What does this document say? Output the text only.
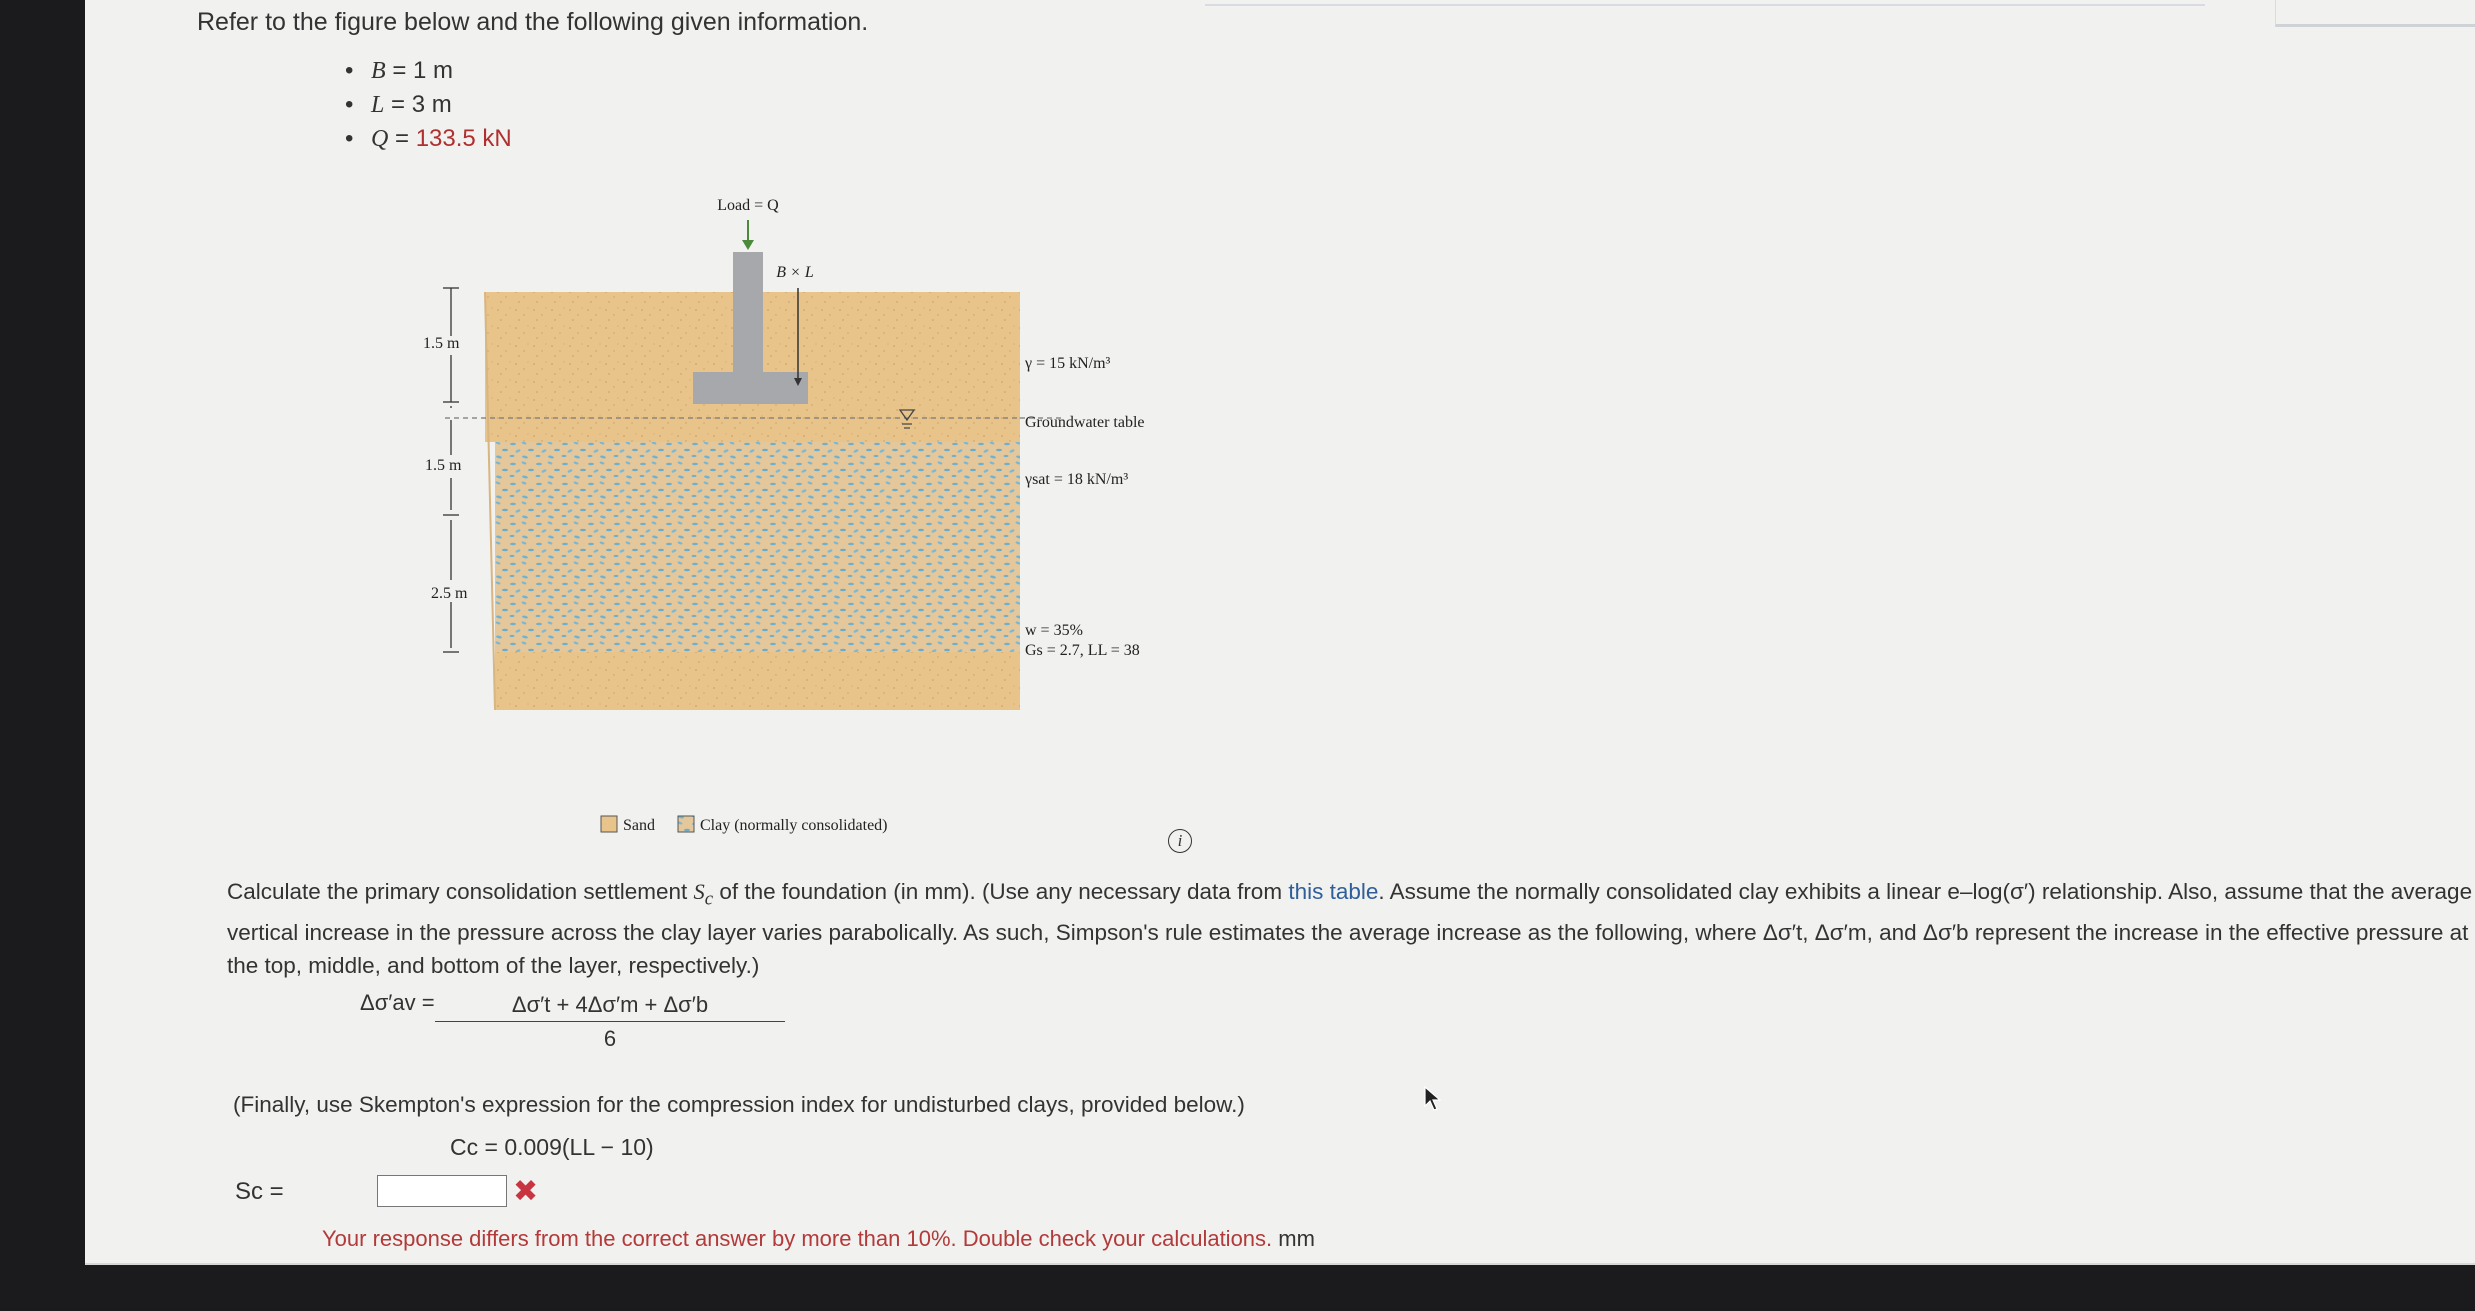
Refer to the figure below and the following given information.
• B = 1 m
• L = 3 m
• Q = 133.5 kN
Load = Q
B × L
1.5 m
1.5 m
2.5 m
γ = 15 kN/m³
Groundwater table
γsat = 18 kN/m³
w = 35%
Gs = 2.7, LL = 38
Sand	Clay (normally consolidated)
i
Calculate the primary consolidation settlement $S_c$ of the foundation (in mm). (Use any necessary data from this table. Assume the normally consolidated clay exhibits a linear e–log(σ′) relationship. Also, assume that the average vertical increase in the pressure across the clay layer varies parabolically. As such, Simpson's rule estimates the average increase as the following, where Δσ′t, Δσ′m, and Δσ′b represent the increase in the effective pressure at the top, middle, and bottom of the layer, respectively.)
$\Delta\sigma'av = \frac{\Delta\sigma't + 4\Delta\sigma'm + \Delta\sigma'b}{6}$
(Finally, use Skempton's expression for the compression index for undisturbed clays, provided below.)
Cc = 0.009(LL − 10)
Sc =	✖
Your response differs from the correct answer by more than 10%. Double check your calculations. mm
